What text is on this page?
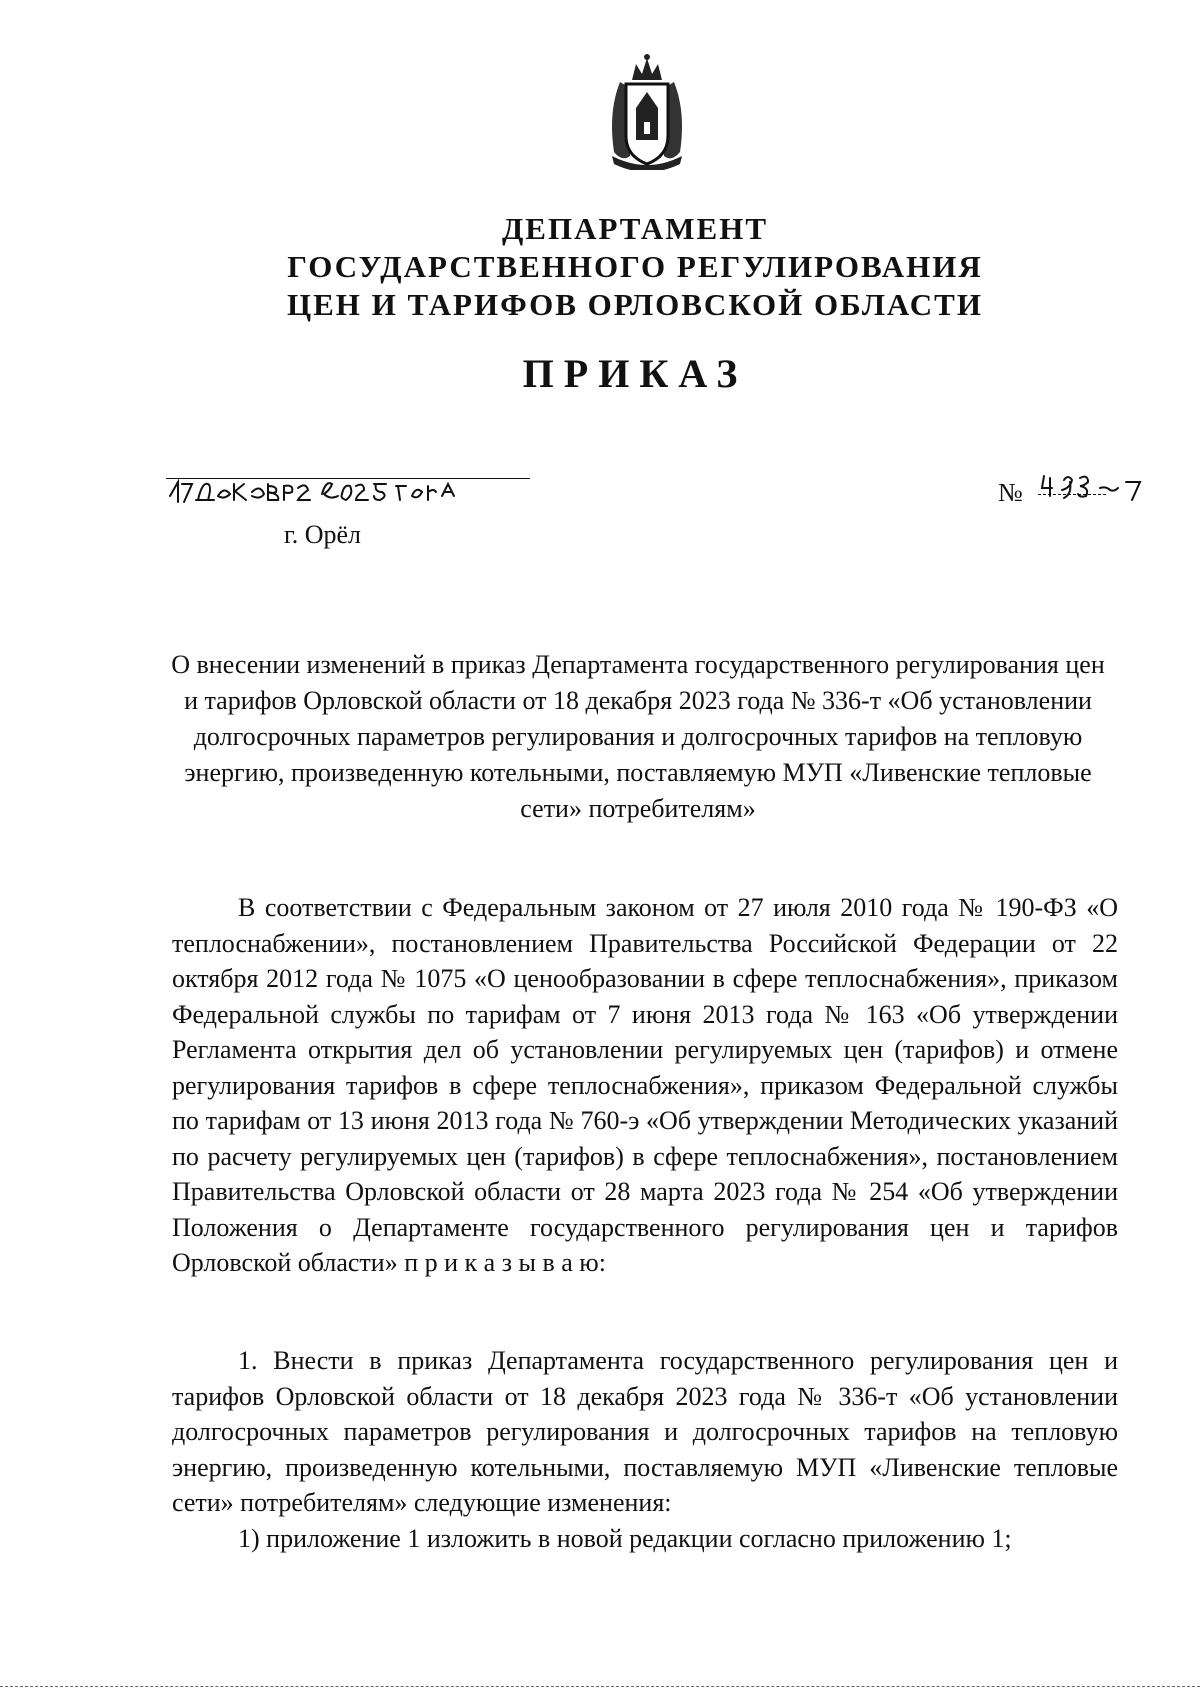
ДЕПАРТАМЕНТ
ГОСУДАРСТВЕННОГО РЕГУЛИРОВАНИЯ
ЦЕН И ТАРИФОВ ОРЛОВСКОЙ ОБЛАСТИ
ПРИКАЗ
№
г. Орёл
О внесении изменений в приказ Департамента государственного регулирования цен и тарифов Орловской области от 18 декабря 2023 года № 336-т «Об установлении долгосрочных параметров регулирования и долгосрочных тарифов на тепловую энергию, произведенную котельными, поставляемую МУП «Ливенские тепловые сети» потребителям»

В соответствии с Федеральным законом от 27 июля 2010 года № 190-ФЗ «О теплоснабжении», постановлением Правительства Российской Федерации от 22 октября 2012 года № 1075 «О ценообразовании в сфере теплоснабжения», приказом Федеральной службы по тарифам от 7 июня 2013 года № 163 «Об утверждении Регламента открытия дел об установлении регулируемых цен (тарифов) и отмене регулирования тарифов в сфере теплоснабжения», приказом Федеральной службы по тарифам от 13 июня 2013 года № 760-э «Об утверждении Методических указаний по расчету регулируемых цен (тарифов) в сфере теплоснабжения», постановлением Правительства Орловской области от 28 марта 2023 года № 254 «Об утверждении Положения о Департаменте государственного регулирования цен и тарифов Орловской области» п р и к а з ы в а ю:

1. Внести в приказ Департамента государственного регулирования цен и тарифов Орловской области от 18 декабря 2023 года № 336-т «Об установлении долгосрочных параметров регулирования и долгосрочных тарифов на тепловую энергию, произведенную котельными, поставляемую МУП «Ливенские тепловые сети» потребителям» следующие изменения:

1) приложение 1 изложить в новой редакции согласно приложению 1;
